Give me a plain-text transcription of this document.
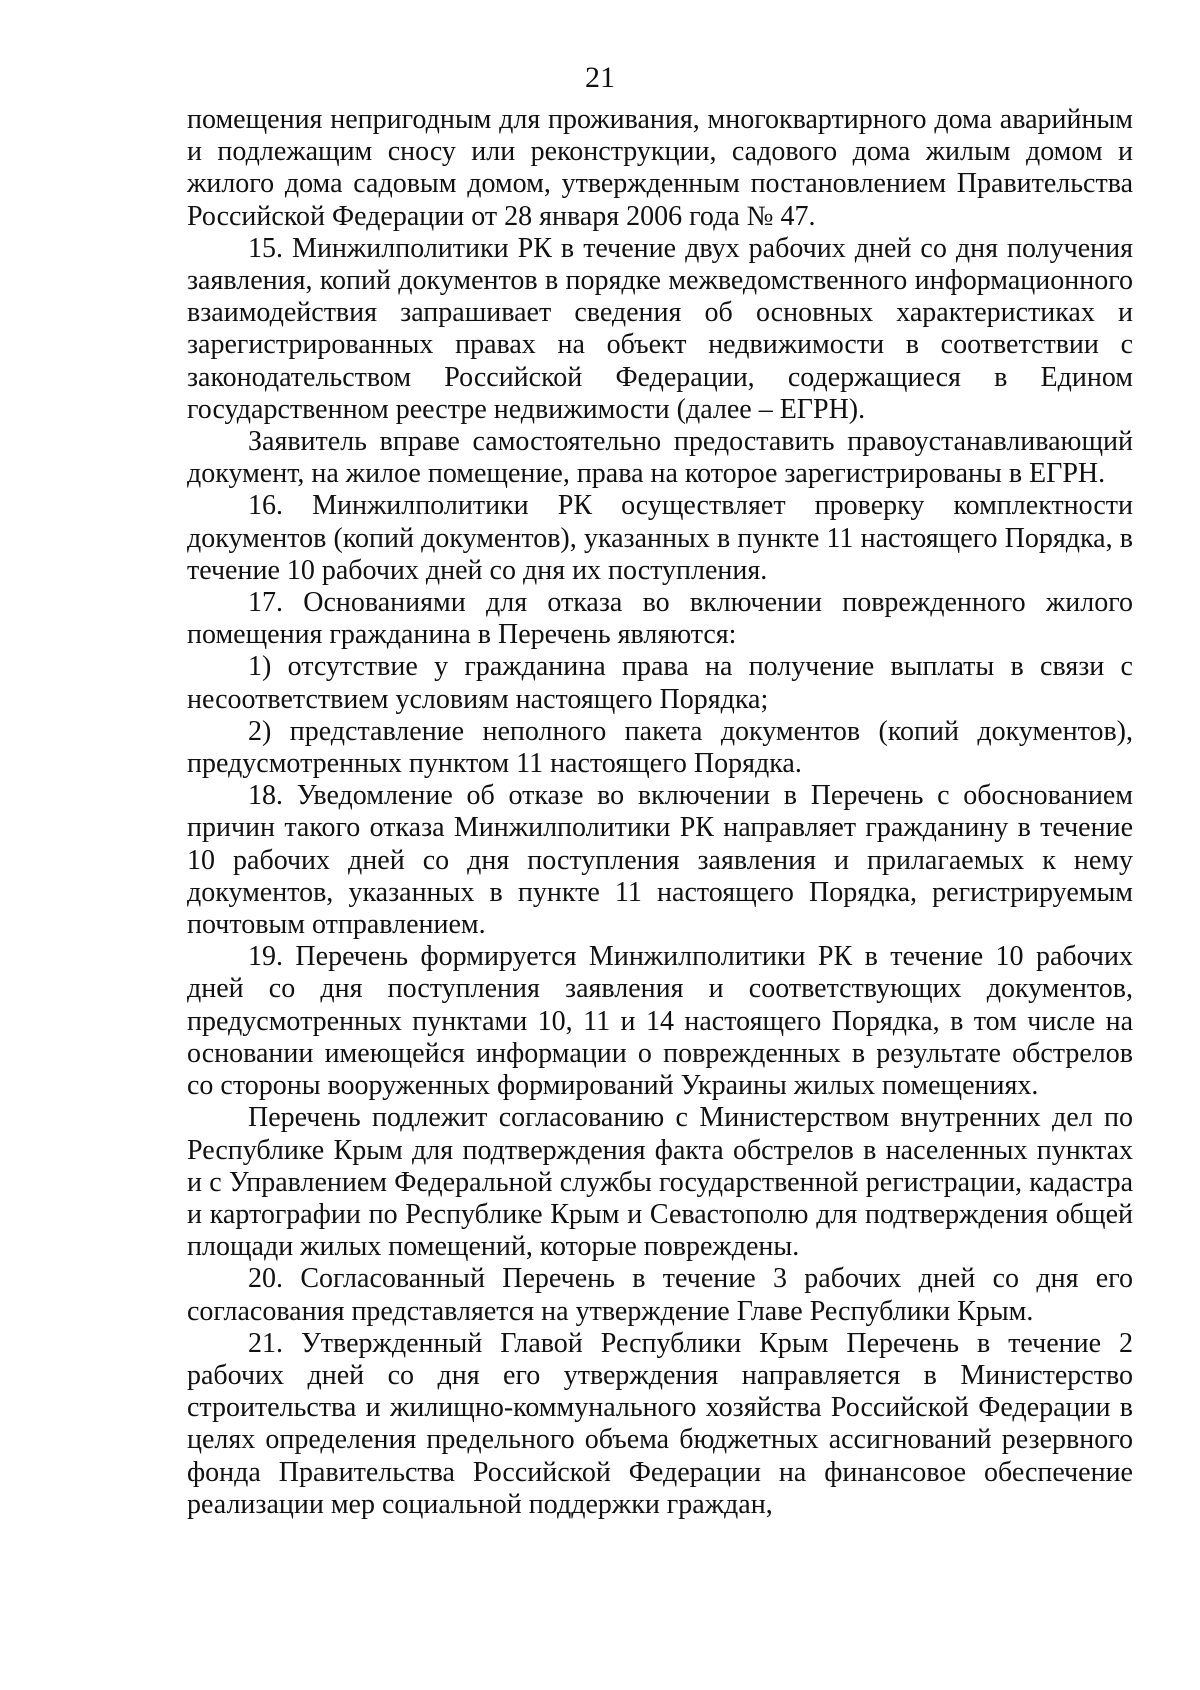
21

помещения непригодным для проживания, многоквартирного дома аварийным и подлежащим сносу или реконструкции, садового дома жилым домом и жилого дома садовым домом, утвержденным постановлением Правительства Российской Федерации от 28 января 2006 года № 47.

15. Минжилполитики РК в течение двух рабочих дней со дня получения заявления, копий документов в порядке межведомственного информационного взаимодействия запрашивает сведения об основных характеристиках и зарегистрированных правах на объект недвижимости в соответствии с законодательством Российской Федерации, содержащиеся в Едином государственном реестре недвижимости (далее – ЕГРН).

Заявитель вправе самостоятельно предоставить правоустанавливающий документ, на жилое помещение, права на которое зарегистрированы в ЕГРН.

16. Минжилполитики РК осуществляет проверку комплектности документов (копий документов), указанных в пункте 11 настоящего Порядка, в течение 10 рабочих дней со дня их поступления.

17. Основаниями для отказа во включении поврежденного жилого помещения гражданина в Перечень являются:

1) отсутствие у гражданина права на получение выплаты в связи с несоответствием условиям настоящего Порядка;

2) представление неполного пакета документов (копий документов), предусмотренных пунктом 11 настоящего Порядка.

18. Уведомление об отказе во включении в Перечень с обоснованием причин такого отказа Минжилполитики РК направляет гражданину в течение 10 рабочих дней со дня поступления заявления и прилагаемых к нему документов, указанных в пункте 11 настоящего Порядка, регистрируемым почтовым отправлением.

19. Перечень формируется Минжилполитики РК в течение 10 рабочих дней со дня поступления заявления и соответствующих документов, предусмотренных пунктами 10, 11 и 14 настоящего Порядка, в том числе на основании имеющейся информации о поврежденных в результате обстрелов со стороны вооруженных формирований Украины жилых помещениях.

Перечень подлежит согласованию с Министерством внутренних дел по Республике Крым для подтверждения факта обстрелов в населенных пунктах и с Управлением Федеральной службы государственной регистрации, кадастра и картографии по Республике Крым и Севастополю для подтверждения общей площади жилых помещений, которые повреждены.

20. Согласованный Перечень в течение 3 рабочих дней со дня его согласования представляется на утверждение Главе Республики Крым.

21. Утвержденный Главой Республики Крым Перечень в течение 2 рабочих дней со дня его утверждения направляется в Министерство строительства и жилищно-коммунального хозяйства Российской Федерации в целях определения предельного объема бюджетных ассигнований резервного фонда Правительства Российской Федерации на финансовое обеспечение реализации мер социальной поддержки граждан,
